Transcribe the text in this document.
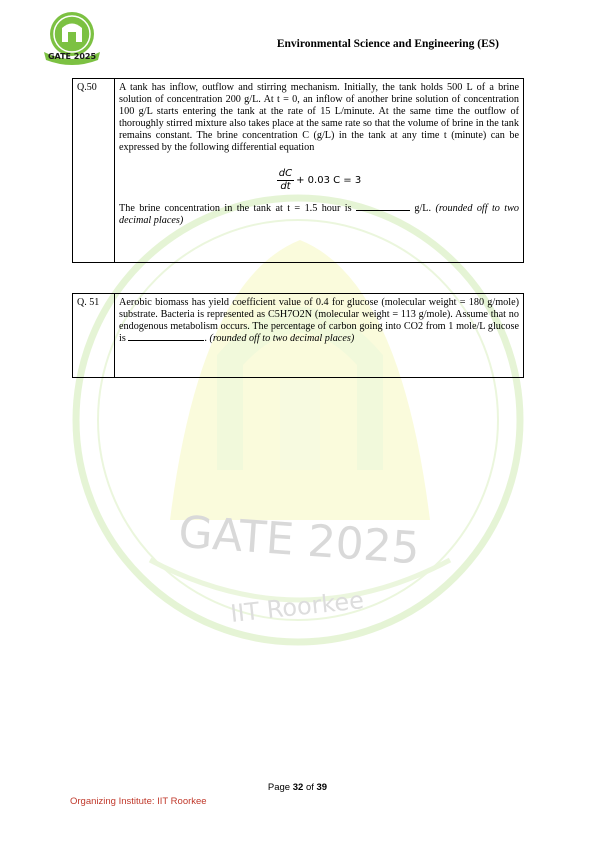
GATE 2025
IIT Roorkee
GATE 2025
Environmental Science and Engineering (ES)
Q.50	A tank has inflow, outflow and stirring mechanism. Initially, the tank holds 500 L of a brine solution of concentration 200 g/L. At t = 0, an inflow of another brine solution of concentration 100 g/L starts entering the tank at the rate of 15 L/minute. At the same time the outflow of thoroughly stirred mixture also takes place at the same rate so that the volume of brine in the tank remains constant. The brine concentration C (g/L) in the tank at any time t (minute) can be expressed by the following differential equation

$\frac{dC}{dt} + 0.03$ C = 3

The brine concentration in the tank at t = 1.5 hour is	g/L. (rounded off to two decimal places)

Q. 51	Aerobic biomass has yield coefficient value of 0.4 for glucose (molecular weight = 180 g/mole) substrate. Bacteria is represented as C5H7O2N (molecular weight = 113 g/mole). Assume that no endogenous metabolism occurs. The percentage of carbon going into CO2 from 1 mole/L glucose is	. (rounded off to two decimal places)

Page 32 of 39
Organizing Institute: IIT Roorkee
